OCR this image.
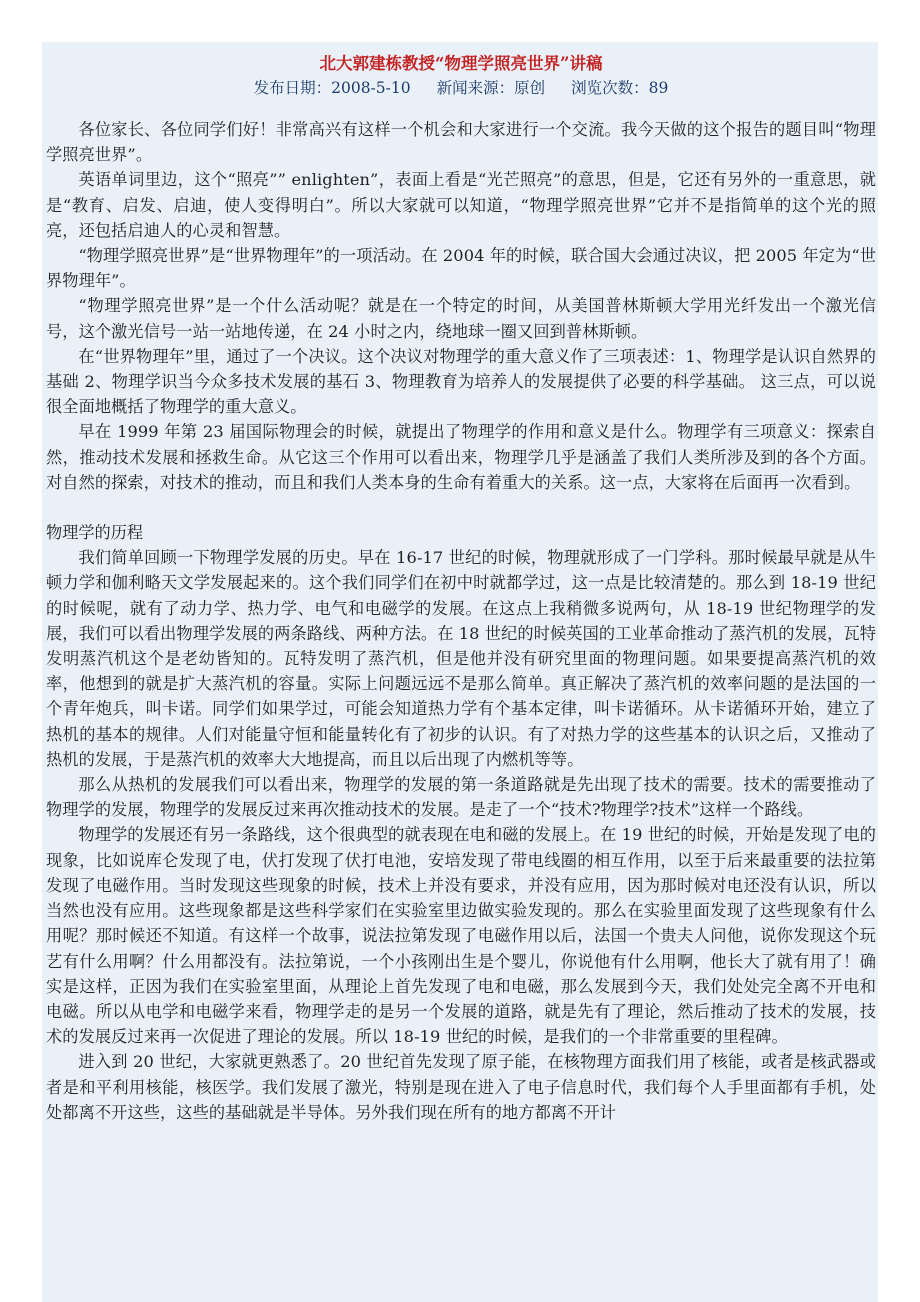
北大郭建栋教授“物理学照亮世界”讲稿
发布日期：2008-5-10 新闻来源：原创 浏览次数：89

各位家长、各位同学们好！非常高兴有这样一个机会和大家进行一个交流。我今天做的这个报告的题目叫“物理学照亮世界”。

英语单词里边，这个“照亮”” enlighten”，表面上看是“光芒照亮”的意思，但是，它还有另外的一重意思，就是“教育、启发、启迪，使人变得明白”。所以大家就可以知道，“物理学照亮世界”它并不是指简单的这个光的照亮，还包括启迪人的心灵和智慧。

“物理学照亮世界”是“世界物理年”的一项活动。在 2004 年的时候，联合国大会通过决议，把 2005 年定为“世界物理年”。

“物理学照亮世界”是一个什么活动呢？就是在一个特定的时间，从美国普林斯顿大学用光纤发出一个激光信号，这个激光信号一站一站地传递，在 24 小时之内，绕地球一圈又回到普林斯顿。

在“世界物理年”里，通过了一个决议。这个决议对物理学的重大意义作了三项表述：1、物理学是认识自然界的基础 2、物理学识当今众多技术发展的基石 3、物理教育为培养人的发展提供了必要的科学基础。 这三点，可以说很全面地概括了物理学的重大意义。

早在 1999 年第 23 届国际物理会的时候，就提出了物理学的作用和意义是什么。物理学有三项意义：探索自然，推动技术发展和拯救生命。从它这三个作用可以看出来，物理学几乎是涵盖了我们人类所涉及到的各个方面。对自然的探索，对技术的推动，而且和我们人类本身的生命有着重大的关系。这一点，大家将在后面再一次看到。

物理学的历程

我们简单回顾一下物理学发展的历史。早在 16-17 世纪的时候，物理就形成了一门学科。那时候最早就是从牛顿力学和伽利略天文学发展起来的。这个我们同学们在初中时就都学过，这一点是比较清楚的。那么到 18-19 世纪的时候呢，就有了动力学、热力学、电气和电磁学的发展。在这点上我稍微多说两句，从 18-19 世纪物理学的发展，我们可以看出物理学发展的两条路线、两种方法。在 18 世纪的时候英国的工业革命推动了蒸汽机的发展，瓦特发明蒸汽机这个是老幼皆知的。瓦特发明了蒸汽机，但是他并没有研究里面的物理问题。如果要提高蒸汽机的效率，他想到的就是扩大蒸汽机的容量。实际上问题远远不是那么简单。真正解决了蒸汽机的效率问题的是法国的一个青年炮兵，叫卡诺。同学们如果学过，可能会知道热力学有个基本定律，叫卡诺循环。从卡诺循环开始，建立了热机的基本的规律。人们对能量守恒和能量转化有了初步的认识。有了对热力学的这些基本的认识之后，又推动了热机的发展，于是蒸汽机的效率大大地提高，而且以后出现了内燃机等等。

那么从热机的发展我们可以看出来，物理学的发展的第一条道路就是先出现了技术的需要。技术的需要推动了物理学的发展，物理学的发展反过来再次推动技术的发展。是走了一个“技术?物理学?技术”这样一个路线。

物理学的发展还有另一条路线，这个很典型的就表现在电和磁的发展上。在 19 世纪的时候，开始是发现了电的现象，比如说库仑发现了电，伏打发现了伏打电池，安培发现了带电线圈的相互作用，以至于后来最重要的法拉第发现了电磁作用。当时发现这些现象的时候，技术上并没有要求，并没有应用，因为那时候对电还没有认识，所以当然也没有应用。这些现象都是这些科学家们在实验室里边做实验发现的。那么在实验里面发现了这些现象有什么用呢？那时候还不知道。有这样一个故事，说法拉第发现了电磁作用以后，法国一个贵夫人问他，说你发现这个玩艺有什么用啊？什么用都没有。法拉第说，一个小孩刚出生是个婴儿，你说他有什么用啊，他长大了就有用了！确实是这样，正因为我们在实验室里面，从理论上首先发现了电和电磁，那么发展到今天，我们处处完全离不开电和电磁。所以从电学和电磁学来看，物理学走的是另一个发展的道路，就是先有了理论，然后推动了技术的发展，技术的发展反过来再一次促进了理论的发展。所以 18-19 世纪的时候，是我们的一个非常重要的里程碑。

进入到 20 世纪，大家就更熟悉了。20 世纪首先发现了原子能，在核物理方面我们用了核能，或者是核武器或者是和平利用核能，核医学。我们发展了激光，特别是现在进入了电子信息时代，我们每个人手里面都有手机，处处都离不开这些，这些的基础就是半导体。另外我们现在所有的地方都离不开计
